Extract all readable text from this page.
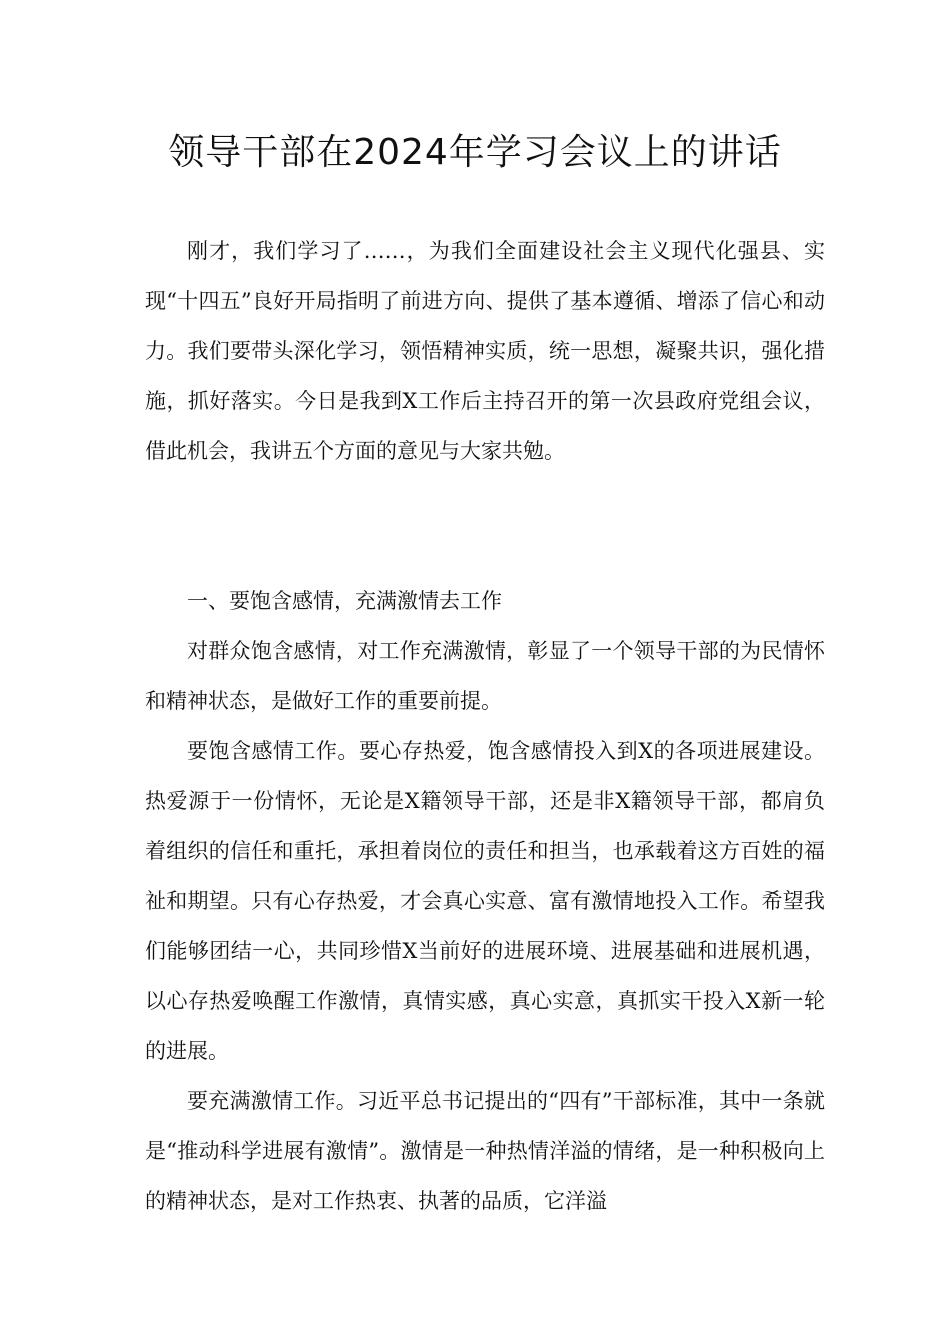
领导干部在2024年学习会议上的讲话

刚才，我们学习了……，为我们全面建设社会主义现代化强县、实现“十四五”良好开局指明了前进方向、提供了基本遵循、增添了信心和动力。我们要带头深化学习，领悟精神实质，统一思想，凝聚共识，强化措施，抓好落实。今日是我到X工作后主持召开的第一次县政府党组会议，借此机会，我讲五个方面的意见与大家共勉。

一、要饱含感情，充满激情去工作

对群众饱含感情，对工作充满激情，彰显了一个领导干部的为民情怀和精神状态，是做好工作的重要前提。

要饱含感情工作。要心存热爱，饱含感情投入到X的各项进展建设。热爱源于一份情怀，无论是X籍领导干部，还是非X籍领导干部，都肩负着组织的信任和重托，承担着岗位的责任和担当，也承载着这方百姓的福祉和期望。只有心存热爱，才会真心实意、富有激情地投入工作。希望我们能够团结一心，共同珍惜X当前好的进展环境、进展基础和进展机遇，以心存热爱唤醒工作激情，真情实感，真心实意，真抓实干投入X新一轮的进展。

要充满激情工作。习近平总书记提出的“四有”干部标准，其中一条就是“推动科学进展有激情”。激情是一种热情洋溢的情绪，是一种积极向上的精神状态，是对工作热衷、执著的品质，它洋溢
